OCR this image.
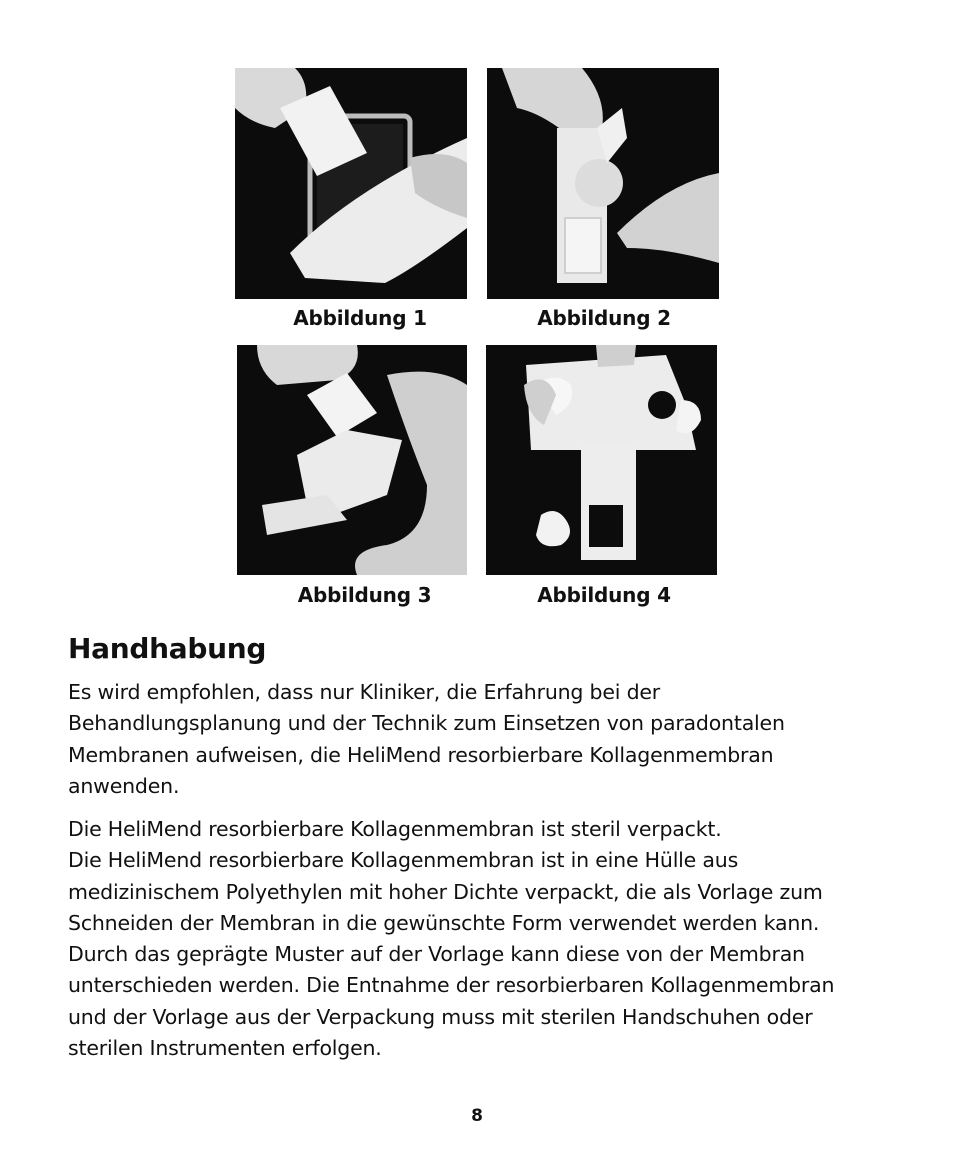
Abbildung 1	Abbildung 2
Abbildung 3	Abbildung 4
Handhabung

Es wird empfohlen, dass nur Kliniker, die Erfahrung bei der
Behandlungsplanung und der Technik zum Einsetzen von paradontalen
Membranen aufweisen, die HeliMend resorbierbare Kollagenmembran
anwenden.

Die HeliMend resorbierbare Kollagenmembran ist steril verpackt.
Die HeliMend resorbierbare Kollagenmembran ist in eine Hülle aus
medizinischem Polyethylen mit hoher Dichte verpackt, die als Vorlage zum
Schneiden der Membran in die gewünschte Form verwendet werden kann.
Durch das geprägte Muster auf der Vorlage kann diese von der Membran
unterschieden werden. Die Entnahme der resorbierbaren Kollagenmembran
und der Vorlage aus der Verpackung muss mit sterilen Handschuhen oder
sterilen Instrumenten erfolgen.

8
